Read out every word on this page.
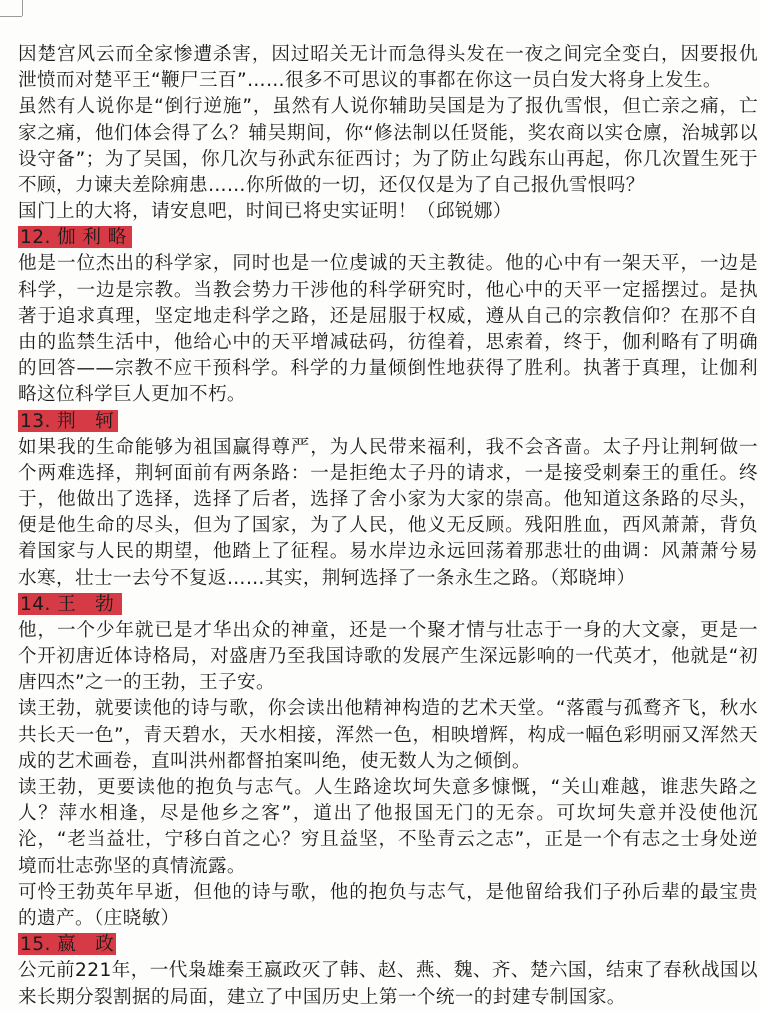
因楚宫风云而全家惨遭杀害，因过昭关无计而急得头发在一夜之间完全变白，因要报仇泄愤而对楚平王“鞭尸三百”……很多不可思议的事都在你这一员白发大将身上发生。

虽然有人说你是“倒行逆施”，虽然有人说你辅助吴国是为了报仇雪恨，但亡亲之痛，亡家之痛，他们体会得了么？辅吴期间，你“修法制以任贤能，奖农商以实仓廪，治城郭以设守备”；为了吴国，你几次与孙武东征西讨；为了防止勾践东山再起，你几次置生死于不顾，力谏夫差除痈患……你所做的一切，还仅仅是为了自己报仇雪恨吗？

国门上的大将，请安息吧，时间已将史实证明！（邱锐娜）

12. 伽 利 略

他是一位杰出的科学家，同时也是一位虔诚的天主教徒。他的心中有一架天平，一边是科学，一边是宗教。当教会势力干涉他的科学研究时，他心中的天平一定摇摆过。是执著于追求真理，坚定地走科学之路，还是屈服于权威，遵从自己的宗教信仰？在那不自由的监禁生活中，他给心中的天平增减砝码，彷徨着，思索着，终于，伽利略有了明确的回答——宗教不应干预科学。科学的力量倾倒性地获得了胜利。执著于真理，让伽利略这位科学巨人更加不朽。

13. 荆　轲

如果我的生命能够为祖国赢得尊严，为人民带来福利，我不会吝啬。太子丹让荆轲做一个两难选择，荆轲面前有两条路：一是拒绝太子丹的请求，一是接受刺秦王的重任。终于，他做出了选择，选择了后者，选择了舍小家为大家的崇高。他知道这条路的尽头，便是他生命的尽头，但为了国家，为了人民，他义无反顾。残阳胜血，西风萧萧，背负着国家与人民的期望，他踏上了征程。易水岸边永远回荡着那悲壮的曲调：风萧萧兮易水寒，壮士一去兮不复返……其实，荆轲选择了一条永生之路。（郑晓坤）

14. 王　勃

他，一个少年就已是才华出众的神童，还是一个聚才情与壮志于一身的大文豪，更是一个开初唐近体诗格局，对盛唐乃至我国诗歌的发展产生深远影响的一代英才，他就是“初唐四杰”之一的王勃，王子安。

读王勃，就要读他的诗与歌，你会读出他精神构造的艺术天堂。“落霞与孤鹜齐飞，秋水共长天一色”，青天碧水，天水相接，浑然一色，相映增辉，构成一幅色彩明丽又浑然天成的艺术画卷，直叫洪州都督拍案叫绝，使无数人为之倾倒。

读王勃，更要读他的抱负与志气。人生路途坎坷失意多慷慨，“关山难越，谁悲失路之人？萍水相逢，尽是他乡之客”，道出了他报国无门的无奈。可坎坷失意并没使他沉沦，“老当益壮，宁移白首之心？穷且益坚，不坠青云之志”，正是一个有志之士身处逆境而壮志弥坚的真情流露。

可怜王勃英年早逝，但他的诗与歌，他的抱负与志气，是他留给我们子孙后辈的最宝贵的遗产。（庄晓敏）

15. 嬴　政

公元前221年，一代枭雄秦王嬴政灭了韩、赵、燕、魏、齐、楚六国，结束了春秋战国以来长期分裂割据的局面，建立了中国历史上第一个统一的封建专制国家。
